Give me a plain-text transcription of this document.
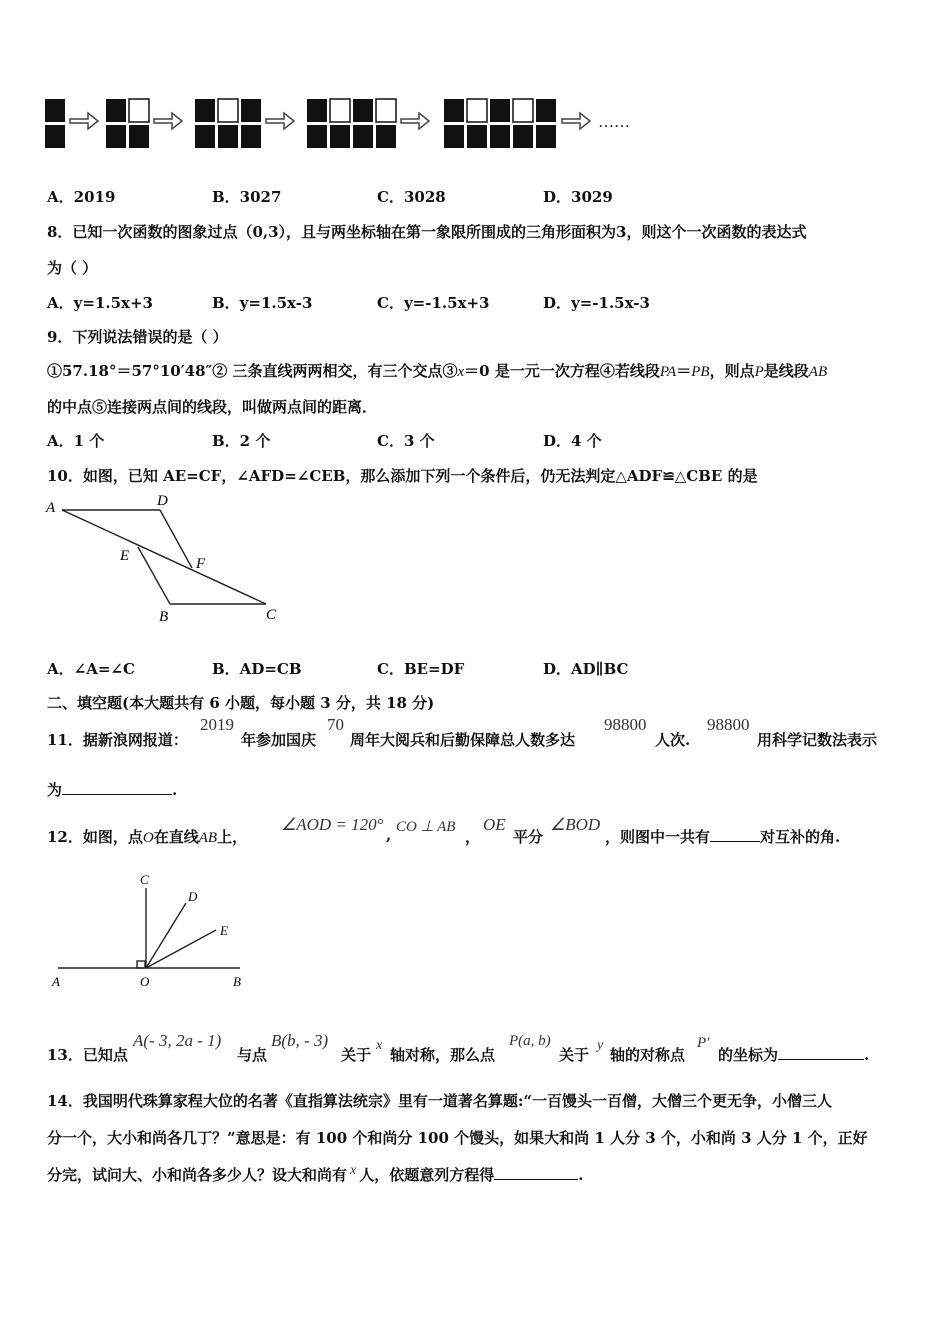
……
A．2019	B．3027	C．3028	D．3029
8．已知一次函数的图象过点（0,3），且与两坐标轴在第一象限所围成的三角形面积为3，则这个一次函数的表达式
为（ ）
A．y=1.5x+3	B．y=1.5x-3	C．y=-1.5x+3	D．y=-1.5x-3
9．下列说法错误的是（ ）
①57.18°＝57°10′48″② 三条直线两两相交，有三个交点③x＝0 是一元一次方程④若线段PA＝PB，则点P是线段AB
的中点⑤连接两点间的线段，叫做两点间的距离．
A．1 个	B．2 个	C．3 个	D．4 个
10．如图，已知 AE=CF，∠AFD=∠CEB，那么添加下列一个条件后，仍无法判定△ADF≌△CBE 的是
A	D
E	F
B	C
A．∠A=∠C	B．AD=CB	C．BE=DF	D．AD∥BC
二、填空题(本大题共有 6 小题，每小题 3 分，共 18 分)
11．据新浪网报道：
2019
年参加国庆
70
周年大阅兵和后勤保障总人数多达
98800
人次.
98800
用科学记数法表示
为	.
12．如图，点O在直线AB上，
∠AOD = 120°
, CO ⊥ AB
，
OE
平分
∠BOD
，则图中一共有	对互补的角.
C
D
E
A	O	B
13．已知点
A(- 3, 2a - 1)
与点
B(b, - 3)
关于
x
轴对称，那么点
P(a, b)
关于
y
轴的对称点
P′
的坐标为	.
14．我国明代珠算家程大位的名著《直指算法统宗》里有一道著名算题:“一百馒头一百僧，大僧三个更无争，小僧三人
分一个，大小和尚各几丁？”意思是：有 100 个和尚分 100 个馒头，如果大和尚 1 人分 3 个，小和尚 3 人分 1 个，正好
分完，试问大、小和尚各多少人？设大和尚有 x 人，依题意列方程得	.
